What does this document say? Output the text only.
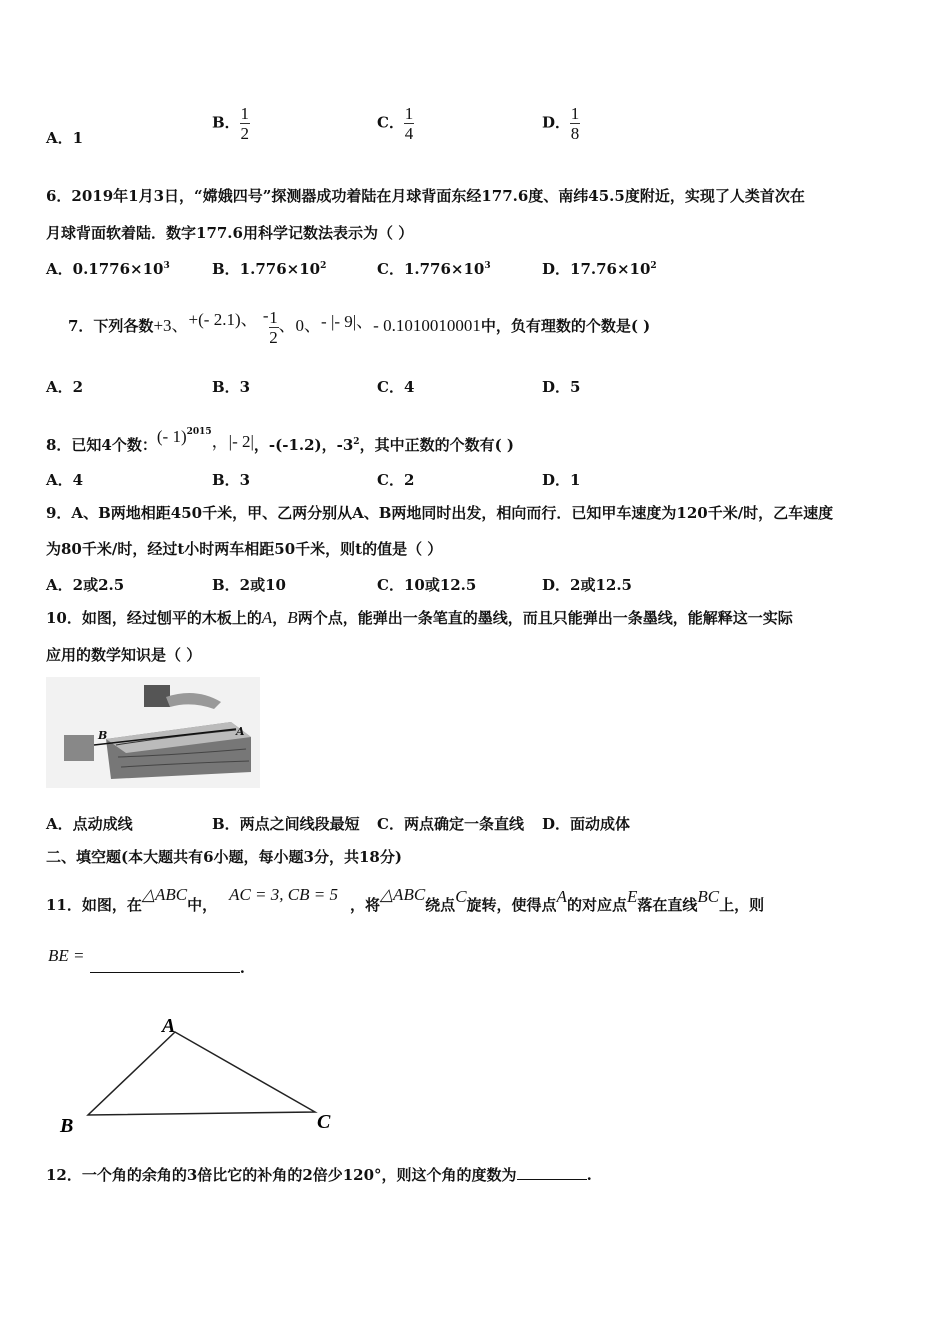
A．1
B． $\frac{1}{2}$	C． $\frac{1}{4}$	D． $\frac{1}{8}$
6．2019年1月3日，“嫦娥四号”探测器成功着陆在月球背面东经177.6度、南纬45.5度附近，实现了人类首次在
月球背面软着陆．数字177.6用科学记数法表示为（ ）
A．$0.1776\times 10^3$	B．$1.776\times 10^2$	C．$1.776\times 10^3$	D．$17.76\times 10^2$
7．下列各数+3、+(- 2.1)、 - $\frac{1}{2}$ 、0、- |- 9|、- 0.1010010001中，负有理数的个数是( )
A．2	B．3	C．4	D．5
8．已知4个数：(- 1)$^{2015}$，|- 2|，-(-1.2)，$-3^2$，其中正数的个数有( )
A．4	B．3	C．2	D．1
9．A、B两地相距450千米，甲、乙两分别从A、B两地同时出发，相向而行．已知甲车速度为120千米/时，乙车速度
为80千米/时，经过t小时两车相距50千米，则t的值是（ ）
A．2或2.5	B．2或10	C．10或12.5	D．2或12.5
10．如图，经过刨平的木板上的A，B两个点，能弹出一条笔直的墨线，而且只能弹出一条墨线，能解释这一实际
应用的数学知识是（ ）
B	A
A．点动成线	B．两点之间线段最短 C．两点确定一条直线 D．面动成体
二、填空题(本大题共有6小题，每小题3分，共18分)
11．如图，在△ABC中，AC = 3, CB = 5，将△ABC绕点C旋转，使得点A的对应点E落在直线BC上，则
BE = .
A
B	C
12．一个角的余角的3倍比它的补角的2倍少120°，则这个角的度数为	.
